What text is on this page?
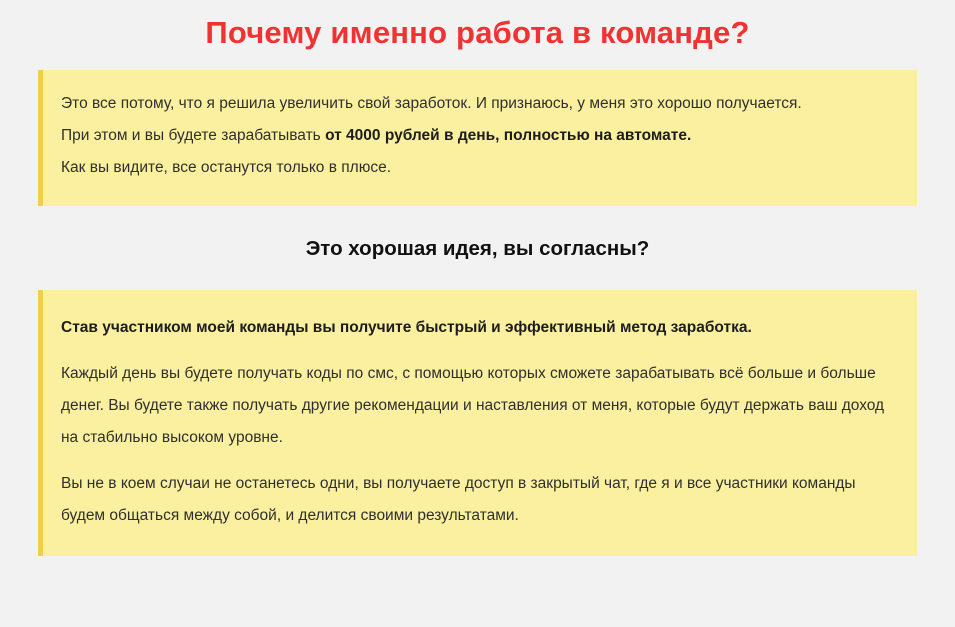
Почему именно работа в команде?

Это все потому, что я решила увеличить свой заработок. И признаюсь, у меня это хорошо получается.

При этом и вы будете зарабатывать от 4000 рублей в день, полностью на автомате.

Как вы видите, все останутся только в плюсе.

Это хорошая идея, вы согласны?

Став участником моей команды вы получите быстрый и эффективный метод заработка.

Каждый день вы будете получать коды по смс, с помощью которых сможете зарабатывать всё больше и больше денег. Вы будете также получать другие рекомендации и наставления от меня, которые будут держать ваш доход на стабильно высоком уровне.

Вы не в коем случаи не останетесь одни, вы получаете доступ в закрытый чат, где я и все участники команды будем общаться между собой, и делится своими результатами.
